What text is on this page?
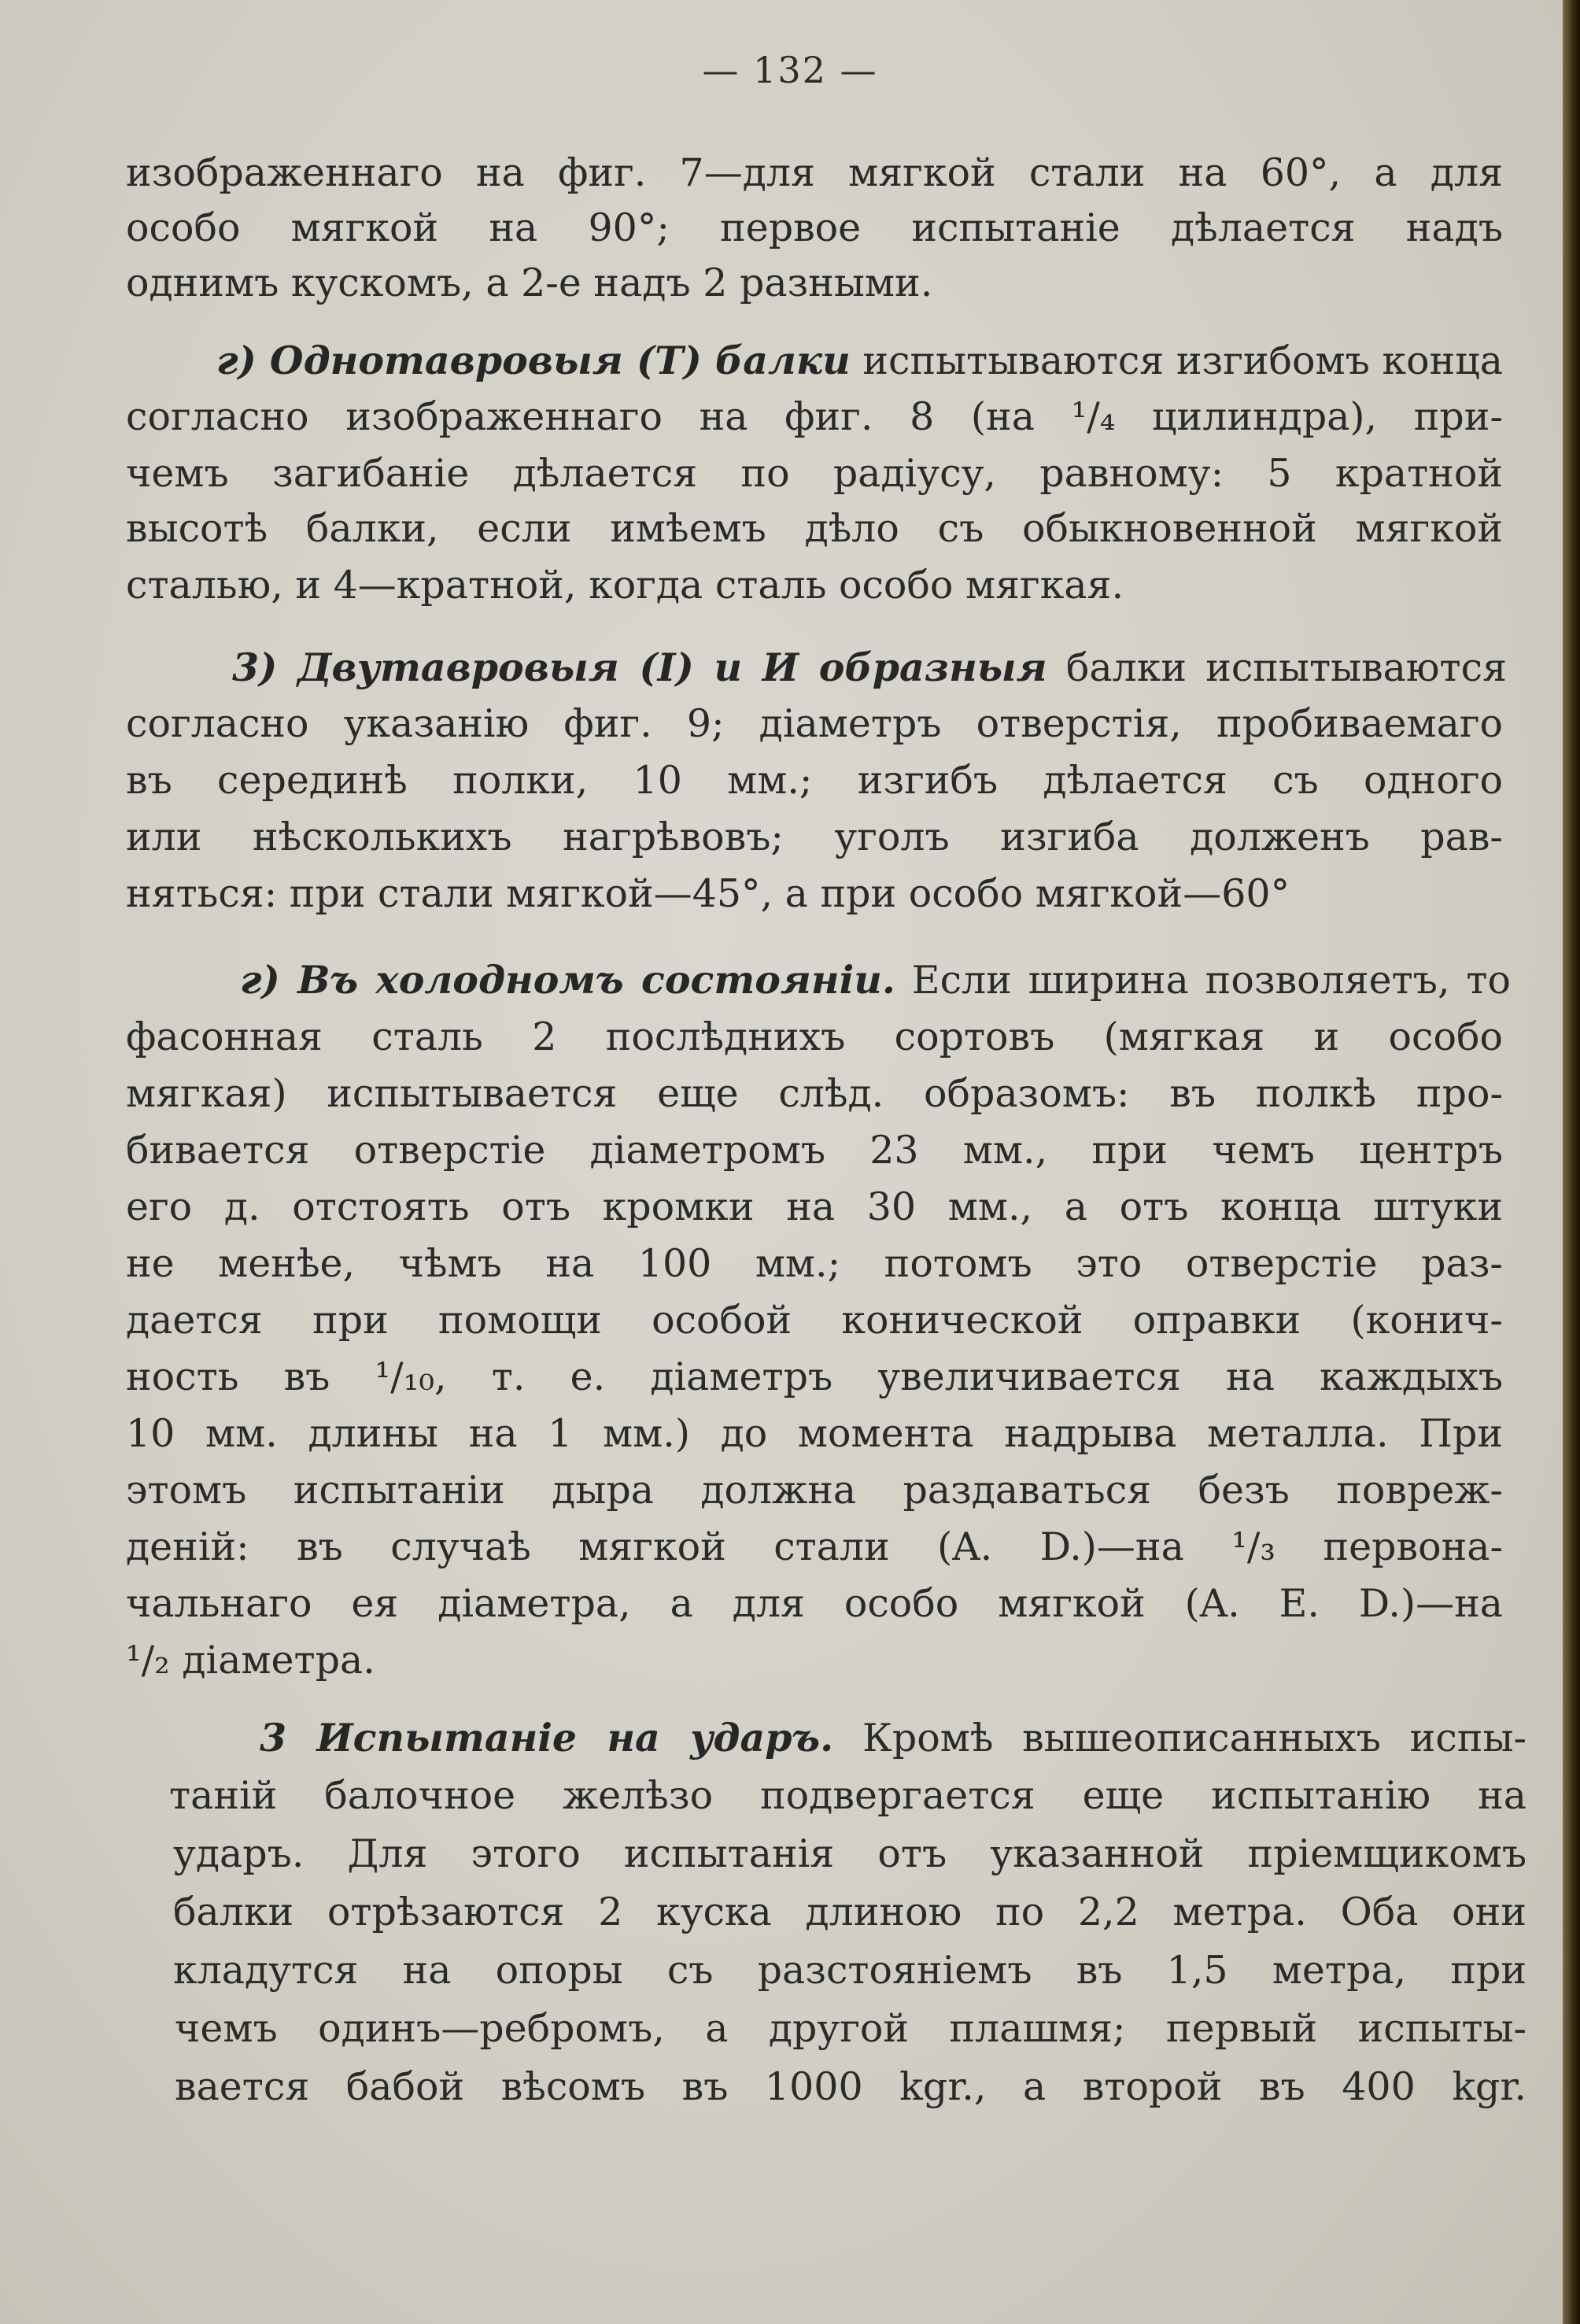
— 132 —
изображеннаго на фиг. 7—для мягкой стали на 60°, а для
особо мягкой на 90°; первое испытаніе дѣлается надъ
однимъ кускомъ, а 2-е надъ 2 разными.
г) Однотавровыя (T) балки испытываются изгибомъ конца
согласно изображеннаго на фиг. 8 (на ¹/₄ цилиндра), при-
чемъ загибаніе дѣлается по радіусу, равному: 5 кратной
высотѣ балки, если имѣемъ дѣло съ обыкновенной мягкой
сталью, и 4—кратной, когда сталь особо мягкая.
3) Двутавровыя (I) и И образныя балки испытываются
согласно указанію фиг. 9; діаметръ отверстія, пробиваемаго
въ серединѣ полки, 10 мм.; изгибъ дѣлается съ одного
или нѣсколькихъ нагрѣвовъ; уголъ изгиба долженъ рав-
няться: при стали мягкой—45°, а при особо мягкой—60°
г) Въ холодномъ состояніи. Если ширина позволяетъ, то
фасонная сталь 2 послѣднихъ сортовъ (мягкая и особо
мягкая) испытывается еще слѣд. образомъ: въ полкѣ про-
бивается отверстіе діаметромъ 23 мм., при чемъ центръ
его д. отстоять отъ кромки на 30 мм., а отъ конца штуки
не менѣе, чѣмъ на 100 мм.; потомъ это отверстіе раз-
дается при помощи особой конической оправки (конич-
ность въ ¹/₁₀, т. е. діаметръ увеличивается на каждыхъ
10 мм. длины на 1 мм.) до момента надрыва металла. При
этомъ испытаніи дыра должна раздаваться безъ повреж-
деній: въ случаѣ мягкой стали (A. D.)—на ¹/₃ первона-
чальнаго ея діаметра, а для особо мягкой (A. E. D.)—на
¹/₂ діаметра.
3 Испытаніе на ударъ. Кромѣ вышеописанныхъ испы-
таній балочное желѣзо подвергается еще испытанію на
ударъ. Для этого испытанія отъ указанной пріемщикомъ
балки отрѣзаются 2 куска длиною по 2,2 метра. Оба они
кладутся на опоры съ разстояніемъ въ 1,5 метра, при
чемъ одинъ—ребромъ, а другой плашмя; первый испыты-
вается бабой вѣсомъ въ 1000 kgr., а второй въ 400 kgr.
